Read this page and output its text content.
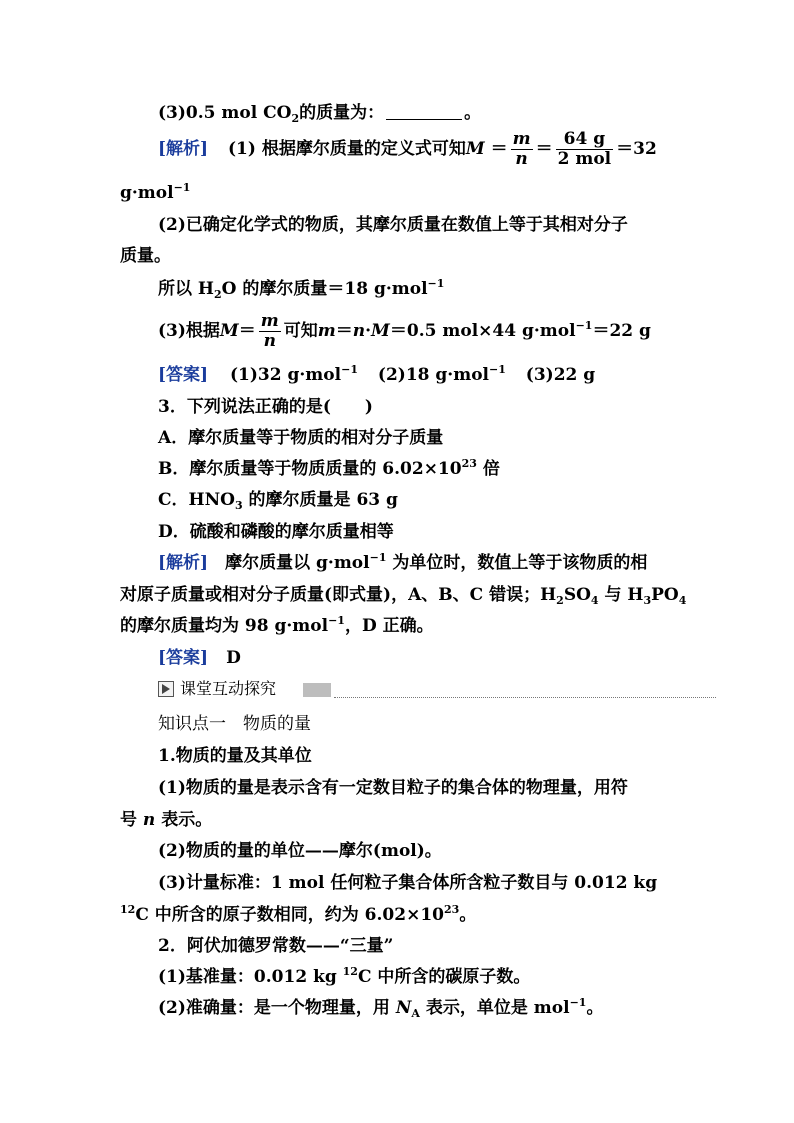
(3)0.5 mol $CO_2$的质量为：	。
[解析] (1) 根据摩尔质量的定义式可知$M = \frac{m}{n} = \frac{64 g}{\text{2 mol}} =32$
g·mol$^{-1}$
(2)已确定化学式的物质，其摩尔质量在数值上等于其相对分子
质量。
所以 $H_2O$ 的摩尔质量＝18 g·mol$^{-1}$
(3)根据$M= \frac{m}{n}$ 可知m＝n·M＝0.5 mol×44 g·mol$^{-1}$＝22 g
[答案] (1)32 g·mol$^{-1}$ (2)18 g·mol$^{-1}$ (3)22 g
3．下列说法正确的是(　　)
A．摩尔质量等于物质的相对分子质量
B．摩尔质量等于物质质量的 $6.02\times 10^{23}$ 倍
C．$HNO_3$ 的摩尔质量是 63 g
D．硫酸和磷酸的摩尔质量相等
[解析]　摩尔质量以 g·mol$^{-1}$ 为单位时，数值上等于该物质的相
对原子质量或相对分子质量(即式量)，A、B、C 错误；$H_2SO_4$ 与 $H_3PO_4$
的摩尔质量均为 98 g·mol$^{-1}$，D 正确。
[答案] D
课堂互动探究
知识点一　物质的量
1.物质的量及其单位
(1)物质的量是表示含有一定数目粒子的集合体的物理量，用符
号 n 表示。
(2)物质的量的单位——摩尔(mol)。
(3)计量标准：1 mol 任何粒子集合体所含粒子数目与 0.012 kg
$^{12}$C 中所含的原子数相同，约为 $6.02\times 10^{23}$。
2．阿伏加德罗常数——“三量”
(1)基准量：0.012 kg $^{12}$C 中所含的碳原子数。
(2)准确量：是一个物理量，用 $N_A$ 表示，单位是 mol$^{-1}$。
